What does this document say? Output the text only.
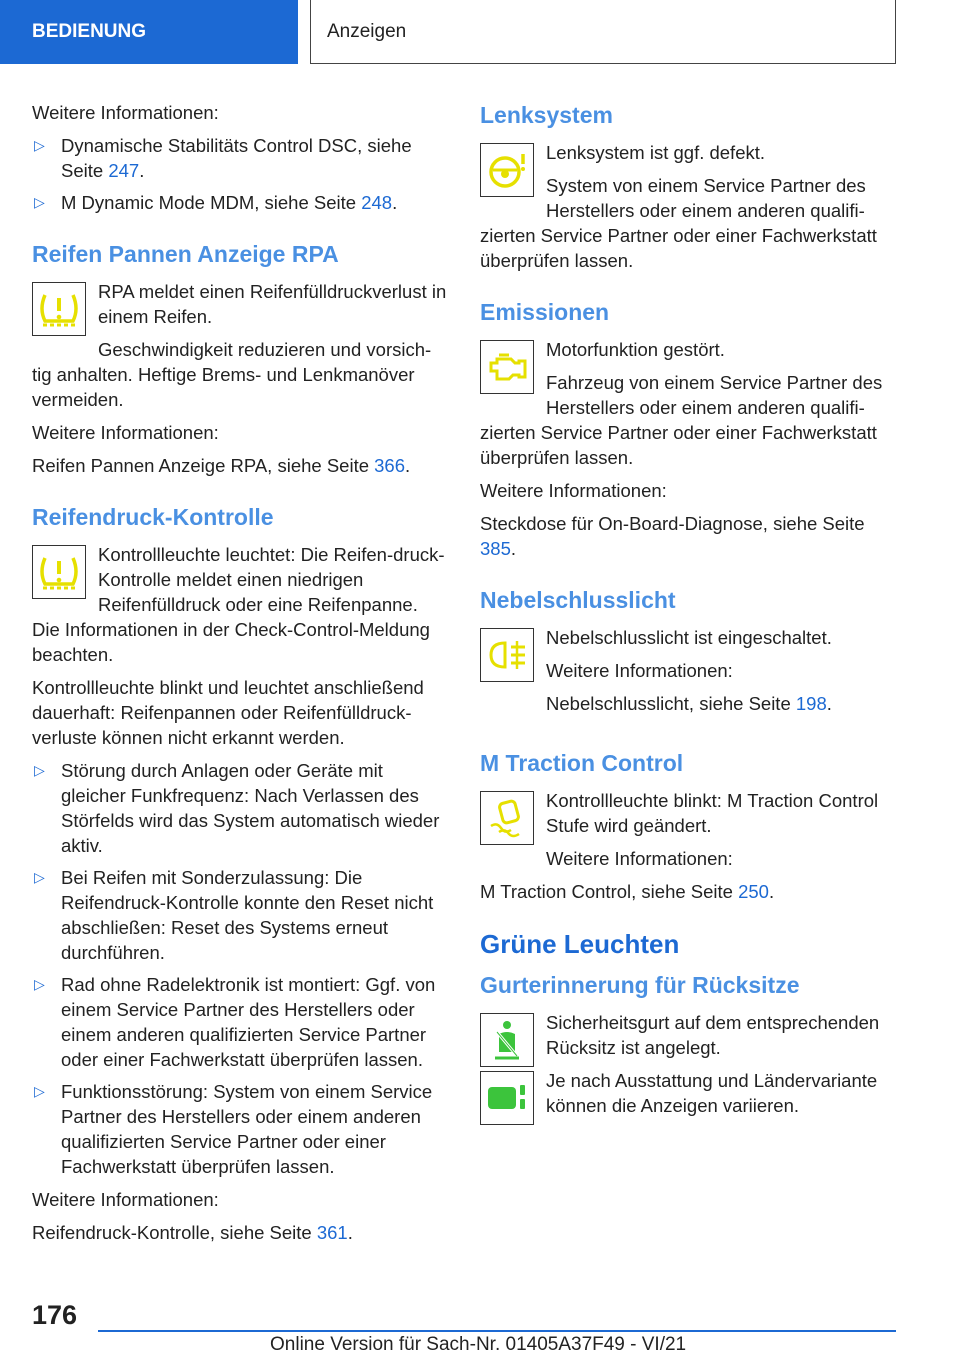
BEDIENUNG	Anzeigen

Weitere Informationen:

▷ Dynamische Stabilitäts Control DSC, siehe Seite 247.
▷ M Dynamic Mode MDM, siehe Seite 248.
Reifen Pannen Anzeige RPA

RPA meldet einen Reifenfülldruckverlust in einem Reifen.

Geschwindigkeit reduzieren und vorsich-

tig anhalten. Heftige Brems- und Lenkmanöver vermeiden.

Weitere Informationen:

Reifen Pannen Anzeige RPA, siehe Seite 366.

Reifendruck-Kontrolle

Kontrollleuchte leuchtet: Die Reifen-druck-Kontrolle meldet einen niedrigen Reifenfülldruck oder eine Reifenpanne.

Die Informationen in der Check-Control-Meldung beachten.

Kontrollleuchte blinkt und leuchtet anschließend dauerhaft: Reifenpannen oder Reifenfülldruck-verluste können nicht erkannt werden.

▷ Störung durch Anlagen oder Geräte mit gleicher Funkfrequenz: Nach Verlassen des Störfelds wird das System automatisch wieder aktiv.
▷ Bei Reifen mit Sonderzulassung: Die Reifendruck-Kontrolle konnte den Reset nicht abschließen: Reset des Systems erneut durchführen.
▷ Rad ohne Radelektronik ist montiert: Ggf. von einem Service Partner des Herstellers oder einem anderen qualifizierten Service Partner oder einer Fachwerkstatt überprüfen lassen.
▷ Funktionsstörung: System von einem Service Partner des Herstellers oder einem anderen qualifizierten Service Partner oder einer Fachwerkstatt überprüfen lassen.

Weitere Informationen:

Reifendruck-Kontrolle, siehe Seite 361.

Lenksystem

Lenksystem ist ggf. defekt.

System von einem Service Partner des Herstellers oder einem anderen qualifi-

zierten Service Partner oder einer Fachwerkstatt überprüfen lassen.

Emissionen

Motorfunktion gestört.

Fahrzeug von einem Service Partner des Herstellers oder einem anderen qualifi-

zierten Service Partner oder einer Fachwerkstatt überprüfen lassen.

Weitere Informationen:

Steckdose für On-Board-Diagnose, siehe Seite 385.

Nebelschlusslicht

Nebelschlusslicht ist eingeschaltet.

Weitere Informationen:

Nebelschlusslicht, siehe Seite 198.

M Traction Control

Kontrollleuchte blinkt: M Traction Control Stufe wird geändert.

Weitere Informationen:

M Traction Control, siehe Seite 250.

Grüne Leuchten
Gurterinnerung für Rücksitze

Sicherheitsgurt auf dem entsprechenden Rücksitz ist angelegt.

Je nach Ausstattung und Ländervariante können die Anzeigen variieren.

176
Online Version für Sach-Nr. 01405A37F49 - VI/21
